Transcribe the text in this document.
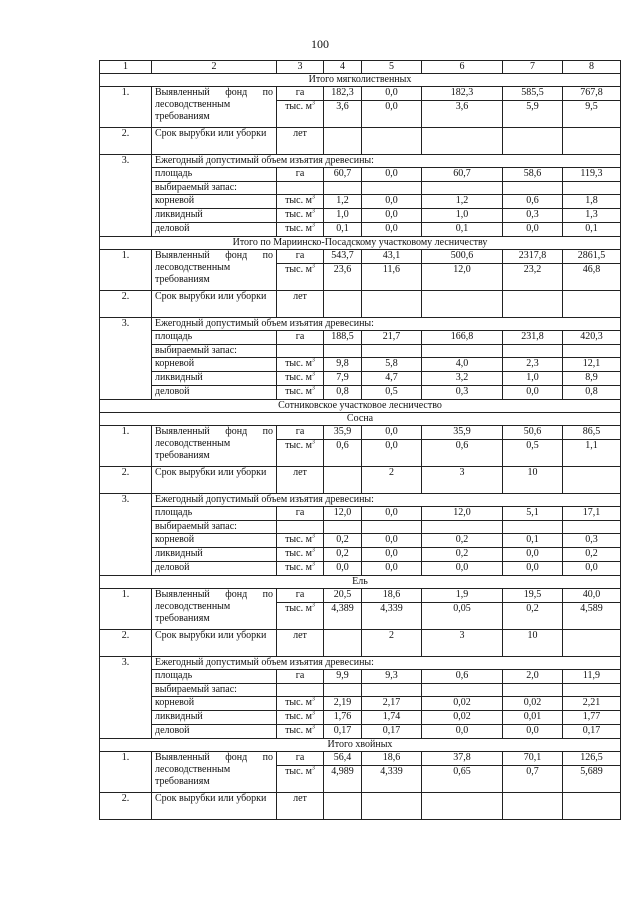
100
1	2	3	4	5	6	7	8
Итого мягколиственных							
1.	Выявленный фонд по лесоводственным требованиям	га	182,3	0,0	182,3	585,5	767,8
		тыс. $м^3$	3,6	0,0	3,6	5,9	9,5
2.	Срок вырубки или уборки	лет					
3.	Ежегодный допустимый объем изъятия древесины:						
	площадь	га	60,7	0,0	60,7	58,6	119,3
	выбираемый запас:						
	корневой	тыс. $м^3$	1,2	0,0	1,2	0,6	1,8
	ликвидный	тыс. $м^3$	1,0	0,0	1,0	0,3	1,3
	деловой	тыс. $м^3$	0,1	0,0	0,1	0,0	0,1
Итого по Мариинско-Посадскому участковому лесничеству							
1.	Выявленный фонд по лесоводственным требованиям	га	543,7	43,1	500,6	2317,8	2861,5
		тыс. $м^3$	23,6	11,6	12,0	23,2	46,8
2.	Срок вырубки или уборки	лет					
3.	Ежегодный допустимый объем изъятия древесины:						
	площадь	га	188,5	21,7	166,8	231,8	420,3
	выбираемый запас:						
	корневой	тыс. $м^3$	9,8	5,8	4,0	2,3	12,1
	ликвидный	тыс. $м^3$	7,9	4,7	3,2	1,0	8,9
	деловой	тыс. $м^3$	0,8	0,5	0,3	0,0	0,8
Сотниковское участковое лесничество							
Сосна							
1.	Выявленный фонд по лесоводственным требованиям	га	35,9	0,0	35,9	50,6	86,5
		тыс. $м^3$	0,6	0,0	0,6	0,5	1,1
2.	Срок вырубки или уборки	лет		2	3	10	
3.	Ежегодный допустимый объем изъятия древесины:						
	площадь	га	12,0	0,0	12,0	5,1	17,1
	выбираемый запас:						
	корневой	тыс. $м^3$	0,2	0,0	0,2	0,1	0,3
	ликвидный	тыс. $м^3$	0,2	0,0	0,2	0,0	0,2
	деловой	тыс. $м^3$	0,0	0,0	0,0	0,0	0,0
Ель							
1.	Выявленный фонд по лесоводственным требованиям	га	20,5	18,6	1,9	19,5	40,0
		тыс. $м^3$	4,389	4,339	0,05	0,2	4,589
2.	Срок вырубки или уборки	лет		2	3	10	
3.	Ежегодный допустимый объем изъятия древесины:						
	площадь	га	9,9	9,3	0,6	2,0	11,9
	выбираемый запас:						
	корневой	тыс. $м^3$	2,19	2,17	0,02	0,02	2,21
	ликвидный	тыс. $м^3$	1,76	1,74	0,02	0,01	1,77
	деловой	тыс. $м^3$	0,17	0,17	0,0	0,0	0,17
Итого хвойных							
1.	Выявленный фонд по лесоводственным требованиям	га	56,4	18,6	37,8	70,1	126,5
		тыс. $м^3$	4,989	4,339	0,65	0,7	5,689
2.	Срок вырубки или уборки	лет					
